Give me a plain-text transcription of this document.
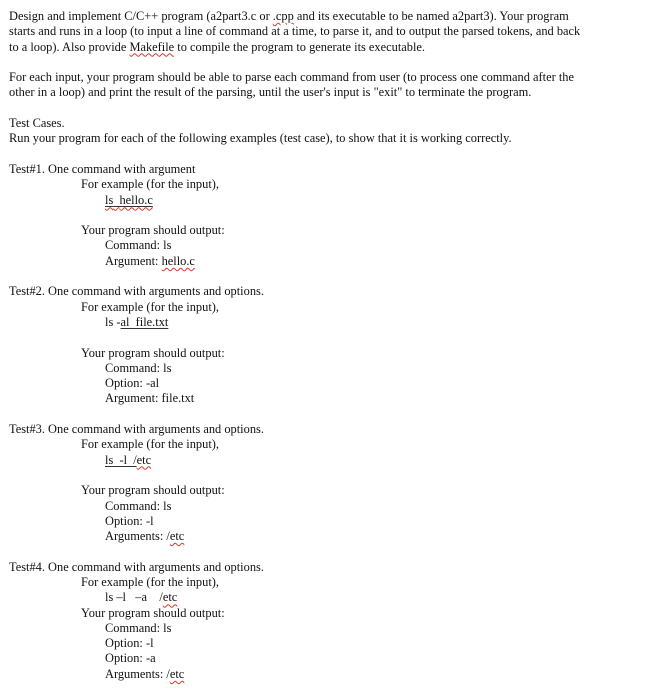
Design and implement C/C++ program (a2part3.c or .cpp and its executable to be named a2part3). Your program
starts and runs in a loop (to input a line of command at a time, to parse it, and to output the parsed tokens, and back
to a loop). Also provide Makefile to compile the program to generate its executable.
For each input, your program should be able to parse each command from user (to process one command after the
other in a loop) and print the result of the parsing, until the user's input is "exit" to terminate the program.
Test Cases.
Run your program for each of the following examples (test case), to show that it is working correctly.
Test#1. One command with argument
For example (for the input),
ls hello.c
Your program should output:
Command: ls
Argument: hello.c
Test#2. One command with arguments and options.
For example (for the input),
ls -al  file.txt
Your program should output:
Command: ls
Option: -al
Argument: file.txt
Test#3. One command with arguments and options.
For example (for the input),
ls  -l  /etc
Your program should output:
Command: ls
Option: -l
Arguments: /etc
Test#4. One command with arguments and options.
For example (for the input),
ls –l   –a    /etc
Your program should output:
Command: ls
Option: -l
Option: -a
Arguments: /etc
